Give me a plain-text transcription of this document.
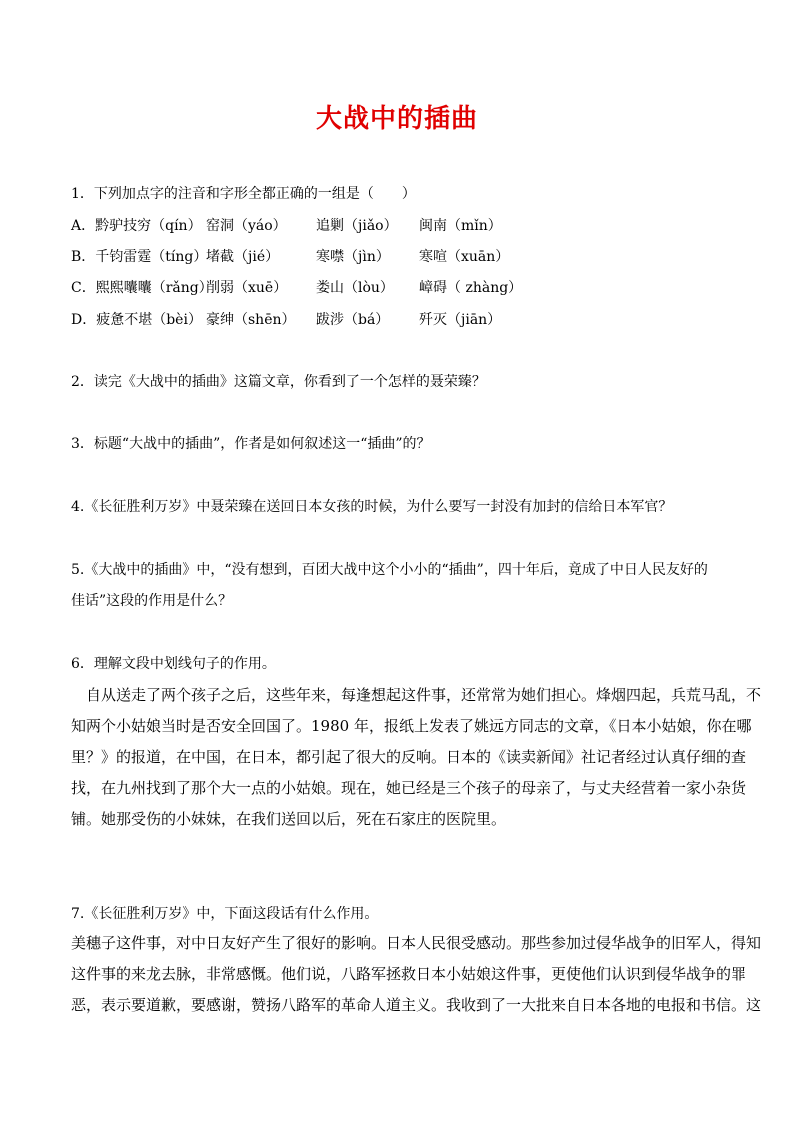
大战中的插曲
1．下列加点字的注音和字形全都正确的一组是（　　）
A．黔驴技穷（qín） 窑洞（yáo） 追剿（jiǎo） 闽南（mǐn）
B．千钧雷霆（tíng）堵截（jié）	寒噤（jìn） 寒喧（xuān）
C．熙熙囔囔（rǎng）削弱（xuē） 娄山（lòu） 嶂碍（ zhàng）
D．疲惫不堪（bèi） 豪绅（shēn） 跋涉（bá） 歼灭（jiān）
2．读完《大战中的插曲》这篇文章，你看到了一个怎样的聂荣臻？
3．标题“大战中的插曲”，作者是如何叙述这一“插曲”的？
4.《长征胜利万岁》中聂荣臻在送回日本女孩的时候，为什么要写一封没有加封的信给日本军官？
5.《大战中的插曲》中，“没有想到，百团大战中这个小小的“插曲”，四十年后，竟成了中日人民友好的
佳话”这段的作用是什么？
6．理解文段中划线句子的作用。

自从送走了两个孩子之后，这些年来，每逢想起这件事，还常常为她们担心。烽烟四起，兵荒马乱，不

知两个小姑娘当时是否安全回国了。1980 年，报纸上发表了姚远方同志的文章，《日本小姑娘，你在哪

里？》的报道，在中国，在日本，都引起了很大的反响。日本的《读卖新闻》社记者经过认真仔细的查

找，在九州找到了那个大一点的小姑娘。现在，她已经是三个孩子的母亲了，与丈夫经营着一家小杂货

铺。她那受伤的小妹妹，在我们送回以后，死在石家庄的医院里。

7.《长征胜利万岁》中，下面这段话有什么作用。

美穗子这件事，对中日友好产生了很好的影响。日本人民很受感动。那些参加过侵华战争的旧军人，得知

这件事的来龙去脉，非常感慨。他们说，八路军拯救日本小姑娘这件事，更使他们认识到侵华战争的罪

恶，表示要道歉，要感谢，赞扬八路军的革命人道主义。我收到了一大批来自日本各地的电报和书信。这
